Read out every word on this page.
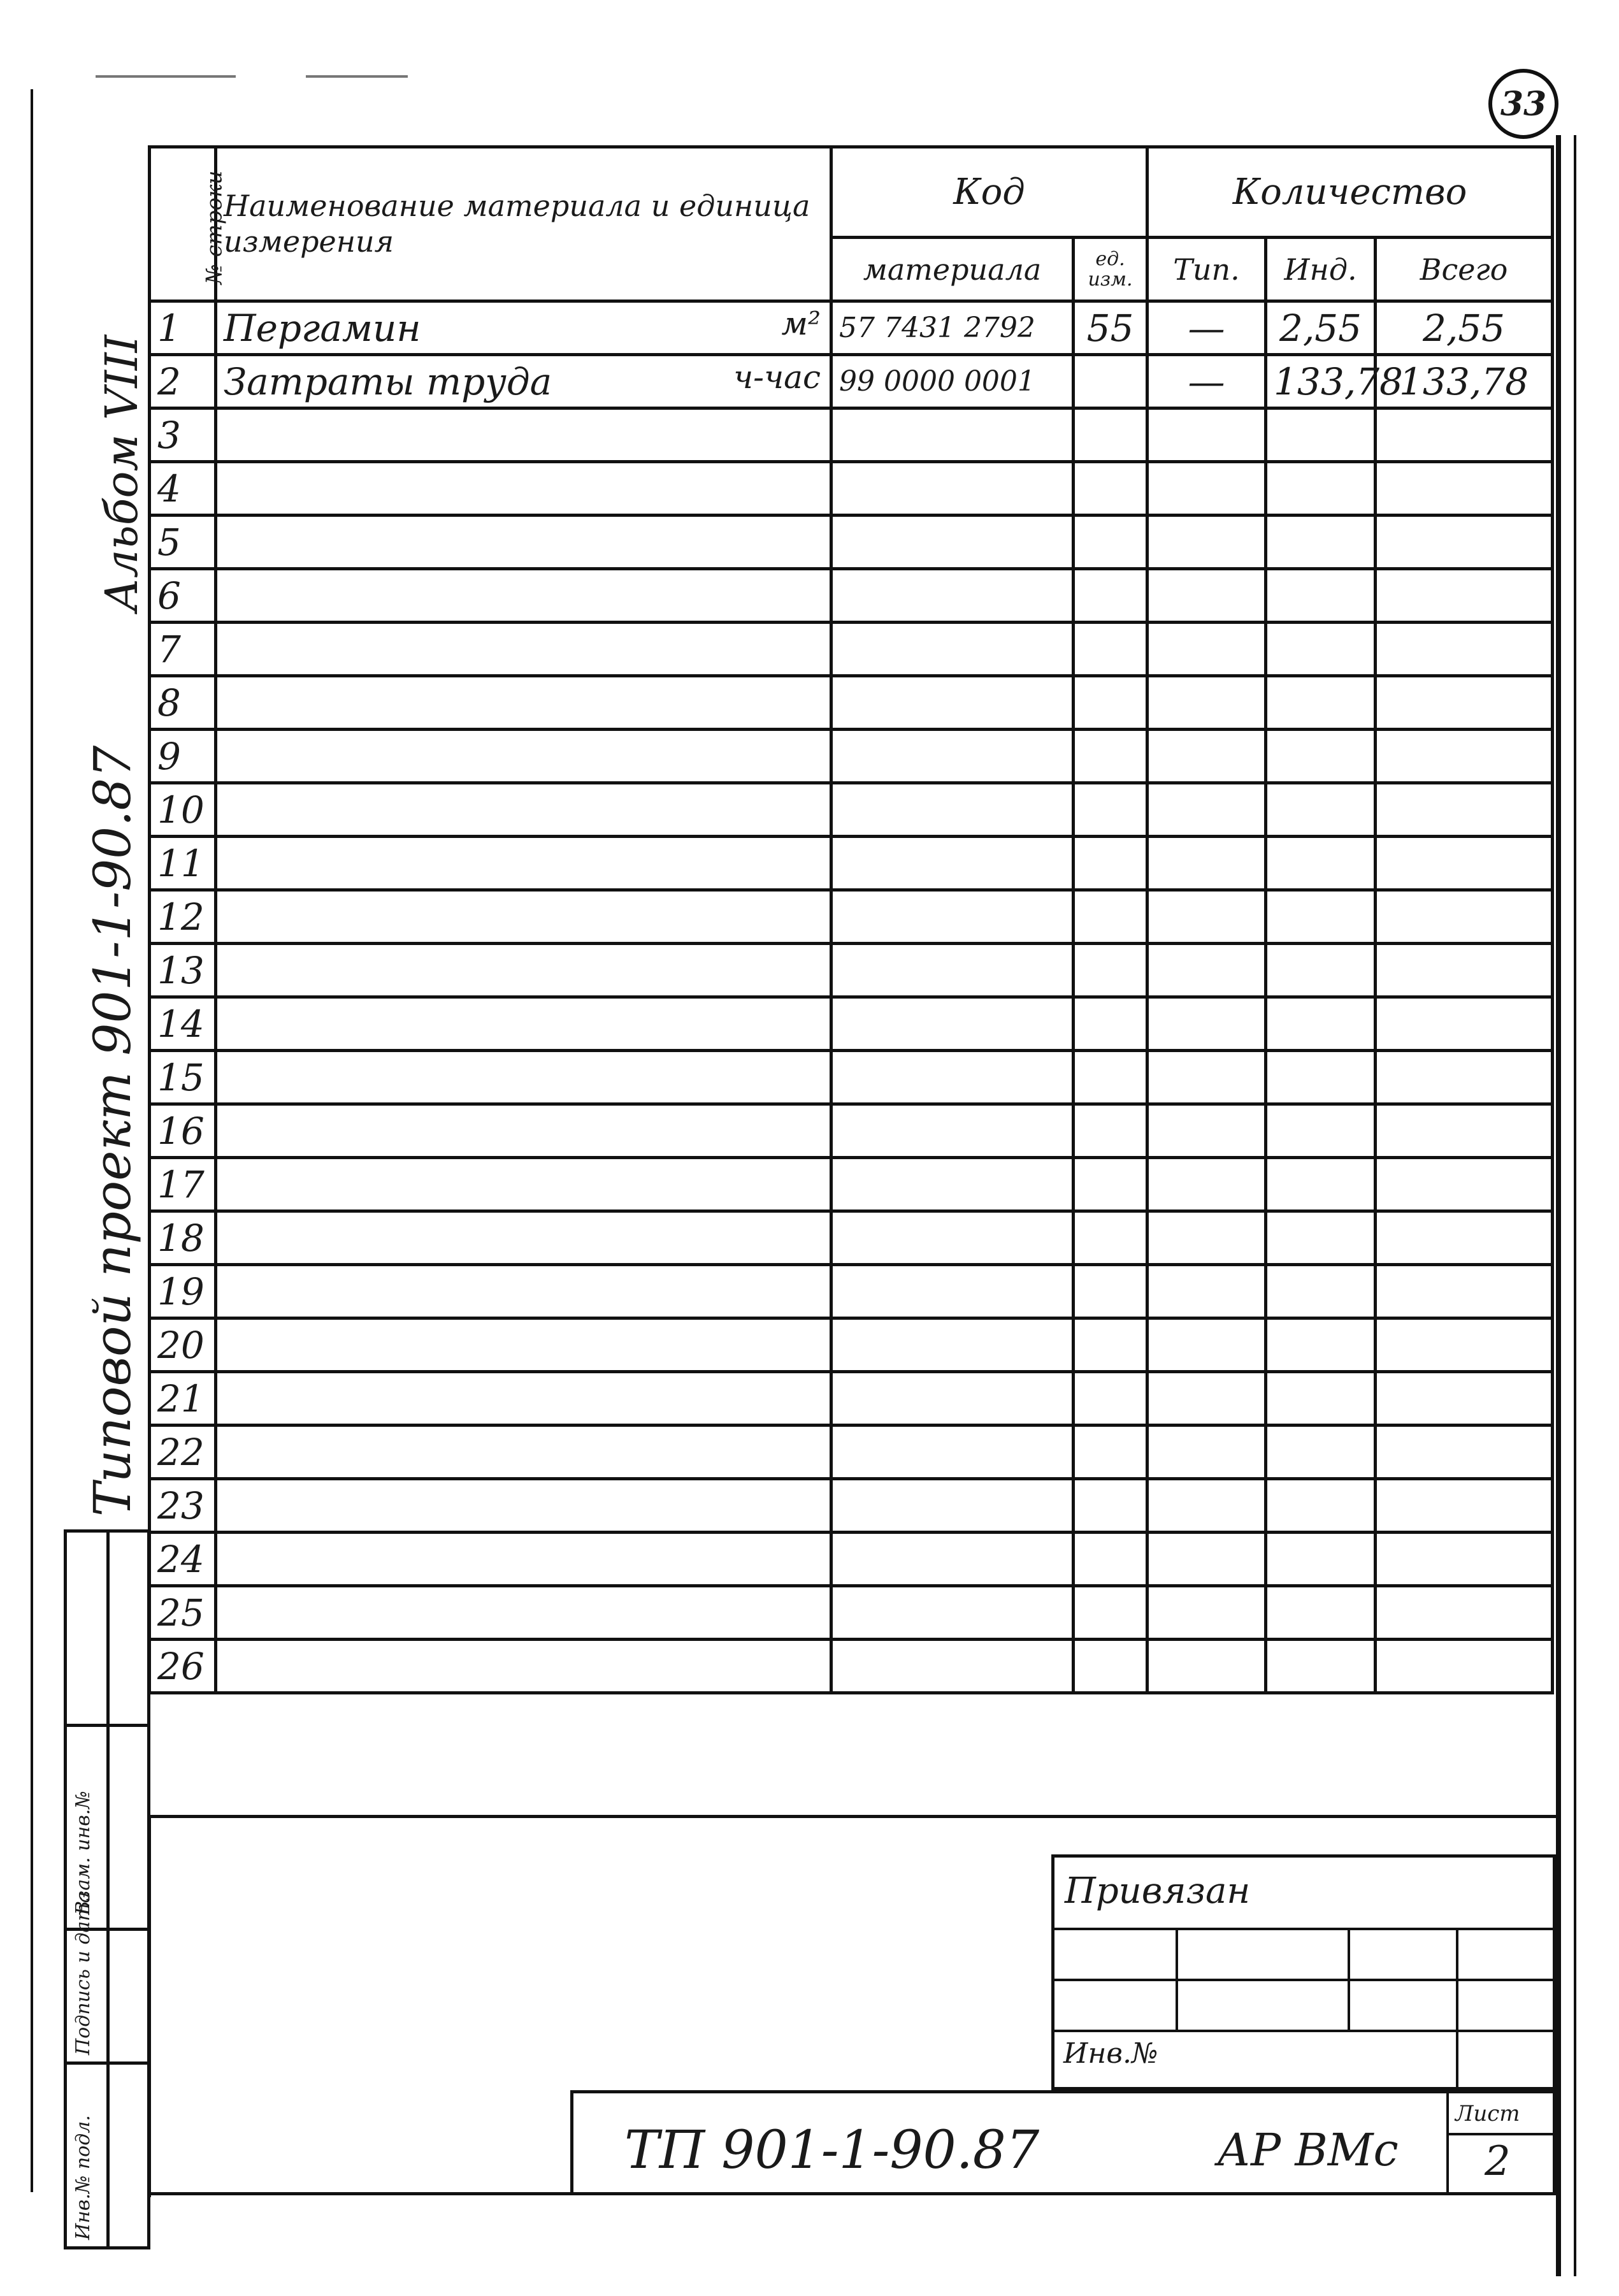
33
№ строки	Наименование материала и единица измерения	Код		Количество		
		материала	ед. изм.	Тип.	Инд.	Всего
1	Пергамин м²	57 7431 2792	55	—	2,55	2,55
2	Затраты труда ч-час	99 0000 0001		—	133,78	133,78
3	

4	

5	

6	

7	

8	

9	

10	

11	

12	

13	

14	

15	

16	

17	

18	

19	

20	

21	

22	

23	

24	

25	

26	

Альбом VIII
Типовой проект 901-1-90.87
Инв.№ подл.
Подпись и дата
Взам. инв.№	Привязан
Инв.№
ТП 901-1-90.87	АР ВМс
Лист
2
